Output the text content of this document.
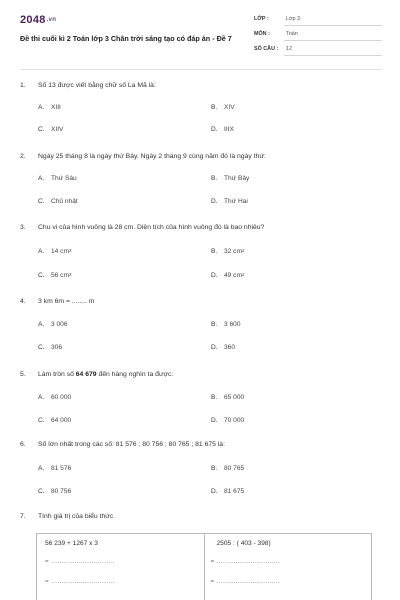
2048.vn
Đề thi cuối kì 2 Toán lớp 3 Chân trời sáng tạo có đáp án - Đề 7
LỚP :	Lớp 3
MÔN :	Toán
SỐ CÂU :	12
1.	Số 13 được viết bằng chữ số La Mã là:
A.	XIII	B.	XIV
C. XIIV	D. IIIX
2.	Ngày 25 tháng 8 là ngày thứ Bảy. Ngày 2 tháng 9 cùng năm đó là ngày thứ:
A.	Thứ Sáu	B.	Thứ Bảy
C. Chủ nhật	D. Thứ Hai
3.	Chu vi của hình vuông là 28 cm. Diện tích của hình vuông đó là bao nhiêu?
A.	14 cm 2	B.	32 cm 2
C. 56 cm 2	D. 49 cm 2
4.	3 km 6m = ........ m
A.	3 006	B.	3 600
C. 306	D. 360
5.	Làm tròn số 64 679 đến hàng nghìn ta được:
A.	60 000	B.	65 000
C. 64 000	D. 70 000
6.	Số lớn nhất trong các số: 81 576 ; 80 756 ; 80 765 ; 81 675 là:
A.	81 576	B.	80 765
C. 80 756	D. 81 675
7.	Tính giá trị của biểu thức
56 239 + 1267 x 3
= ..............................
= ..............................
2505 : ( 403 - 398)
= ..............................
= ..............................
